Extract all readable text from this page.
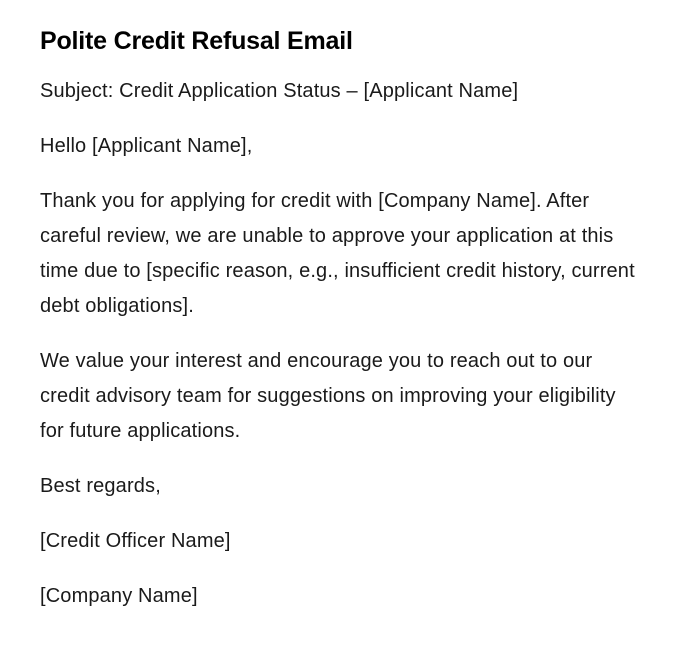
Polite Credit Refusal Email

Subject: Credit Application Status – [Applicant Name]

Hello [Applicant Name],

Thank you for applying for credit with [Company Name]. After careful review, we are unable to approve your application at this time due to [specific reason, e.g., insufficient credit history, current debt obligations].

We value your interest and encourage you to reach out to our credit advisory team for suggestions on improving your eligibility for future applications.

Best regards,

[Credit Officer Name]

[Company Name]
